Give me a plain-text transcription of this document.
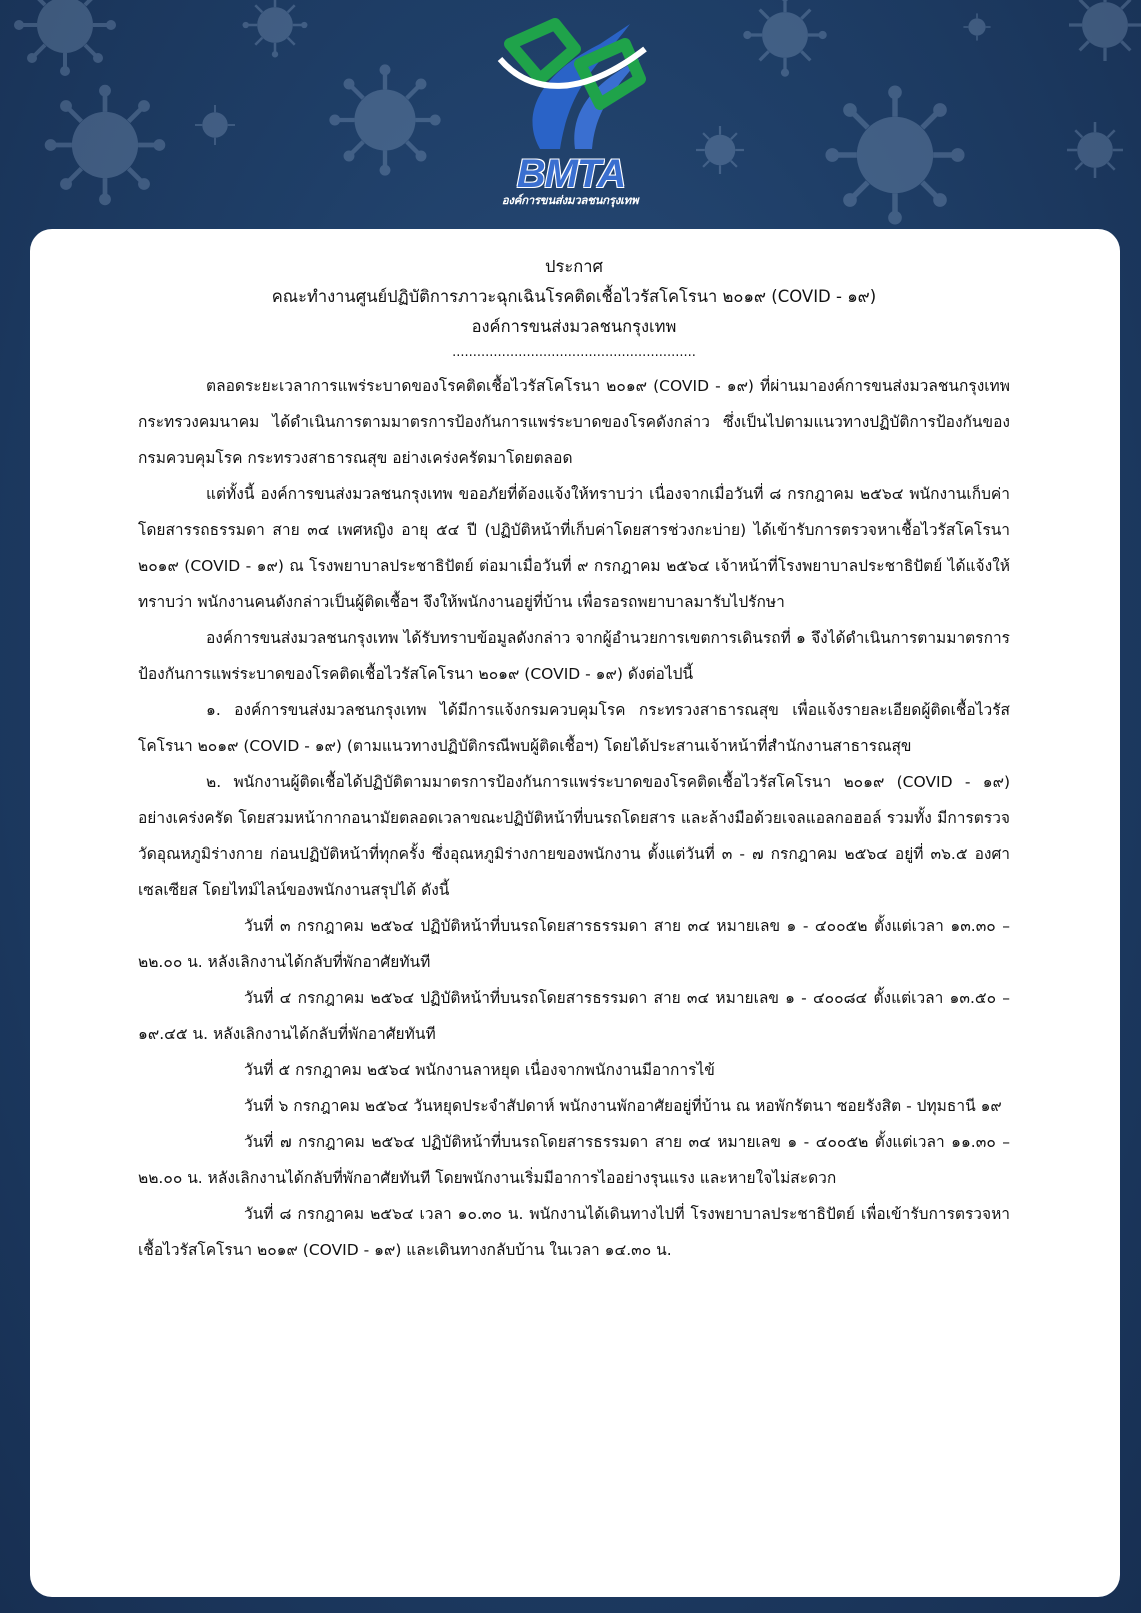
BMTA
องค์การขนส่งมวลชนกรุงเทพ
ประกาศ
คณะทำงานศูนย์ปฏิบัติการภาวะฉุกเฉินโรคติดเชื้อไวรัสโคโรนา ๒๐๑๙ (COVID - ๑๙)
องค์การขนส่งมวลชนกรุงเทพ
...........................................................

ตลอดระยะเวลาการแพร่ระบาดของโรคติดเชื้อไวรัสโคโรนา ๒๐๑๙ (COVID - ๑๙) ที่ผ่านมาองค์การขนส่งมวลชนกรุงเทพ กระทรวงคมนาคม ได้ดำเนินการตามมาตรการป้องกันการแพร่ระบาดของโรคดังกล่าว ซึ่งเป็นไปตามแนวทางปฏิบัติการป้องกันของกรมควบคุมโรค กระทรวงสาธารณสุข อย่างเคร่งครัดมาโดยตลอด

แต่ทั้งนี้ องค์การขนส่งมวลชนกรุงเทพ ขออภัยที่ต้องแจ้งให้ทราบว่า เนื่องจากเมื่อวันที่ ๘ กรกฎาคม ๒๕๖๔ พนักงานเก็บค่าโดยสารรถธรรมดา สาย ๓๔ เพศหญิง อายุ ๕๔ ปี (ปฏิบัติหน้าที่เก็บค่าโดยสารช่วงกะบ่าย) ได้เข้ารับการตรวจหาเชื้อไวรัสโคโรนา ๒๐๑๙ (COVID - ๑๙) ณ โรงพยาบาลประชาธิปัตย์ ต่อมาเมื่อวันที่ ๙ กรกฎาคม ๒๕๖๔ เจ้าหน้าที่โรงพยาบาลประชาธิปัตย์ ได้แจ้งให้ทราบว่า พนักงานคนดังกล่าวเป็นผู้ติดเชื้อฯ จึงให้พนักงานอยู่ที่บ้าน เพื่อรอรถพยาบาลมารับไปรักษา

องค์การขนส่งมวลชนกรุงเทพ ได้รับทราบข้อมูลดังกล่าว จากผู้อำนวยการเขตการเดินรถที่ ๑ จึงได้ดำเนินการตามมาตรการป้องกันการแพร่ระบาดของโรคติดเชื้อไวรัสโคโรนา ๒๐๑๙ (COVID - ๑๙) ดังต่อไปนี้

๑. องค์การขนส่งมวลชนกรุงเทพ ได้มีการแจ้งกรมควบคุมโรค กระทรวงสาธารณสุข เพื่อแจ้งรายละเอียดผู้ติดเชื้อไวรัสโคโรนา ๒๐๑๙ (COVID - ๑๙) (ตามแนวทางปฏิบัติกรณีพบผู้ติดเชื้อฯ) โดยได้ประสานเจ้าหน้าที่สำนักงานสาธารณสุข

๒. พนักงานผู้ติดเชื้อได้ปฏิบัติตามมาตรการป้องกันการแพร่ระบาดของโรคติดเชื้อไวรัสโคโรนา ๒๐๑๙ (COVID - ๑๙) อย่างเคร่งครัด โดยสวมหน้ากากอนามัยตลอดเวลาขณะปฏิบัติหน้าที่บนรถโดยสาร และล้างมือด้วยเจลแอลกอฮอล์ รวมทั้ง มีการตรวจวัดอุณหภูมิร่างกาย ก่อนปฏิบัติหน้าที่ทุกครั้ง ซึ่งอุณหภูมิร่างกายของพนักงาน ตั้งแต่วันที่ ๓ - ๗ กรกฎาคม ๒๕๖๔ อยู่ที่ ๓๖.๕ องศาเซลเซียส โดยไทม์ไลน์ของพนักงานสรุปได้ ดังนี้

วันที่ ๓ กรกฎาคม ๒๕๖๔ ปฏิบัติหน้าที่บนรถโดยสารธรรมดา สาย ๓๔ หมายเลข ๑ - ๔๐๐๕๒ ตั้งแต่เวลา ๑๓.๓๐ – ๒๒.๐๐ น. หลังเลิกงานได้กลับที่พักอาศัยทันที

วันที่ ๔ กรกฎาคม ๒๕๖๔ ปฏิบัติหน้าที่บนรถโดยสารธรรมดา สาย ๓๔ หมายเลข ๑ - ๔๐๐๘๔ ตั้งแต่เวลา ๑๓.๕๐ – ๑๙.๔๕ น. หลังเลิกงานได้กลับที่พักอาศัยทันที

วันที่ ๕ กรกฎาคม ๒๕๖๔ พนักงานลาหยุด เนื่องจากพนักงานมีอาการไข้

วันที่ ๖ กรกฎาคม ๒๕๖๔ วันหยุดประจำสัปดาห์ พนักงานพักอาศัยอยู่ที่บ้าน ณ หอพักรัตนา ซอยรังสิต - ปทุมธานี ๑๙

วันที่ ๗ กรกฎาคม ๒๕๖๔ ปฏิบัติหน้าที่บนรถโดยสารธรรมดา สาย ๓๔ หมายเลข ๑ - ๔๐๐๕๒ ตั้งแต่เวลา ๑๑.๓๐ – ๒๒.๐๐ น. หลังเลิกงานได้กลับที่พักอาศัยทันที โดยพนักงานเริ่มมีอาการไออย่างรุนแรง และหายใจไม่สะดวก

วันที่ ๘ กรกฎาคม ๒๕๖๔ เวลา ๑๐.๓๐ น. พนักงานได้เดินทางไปที่ โรงพยาบาลประชาธิปัตย์ เพื่อเข้ารับการตรวจหาเชื้อไวรัสโคโรนา ๒๐๑๙ (COVID - ๑๙) และเดินทางกลับบ้าน ในเวลา ๑๔.๓๐ น.
